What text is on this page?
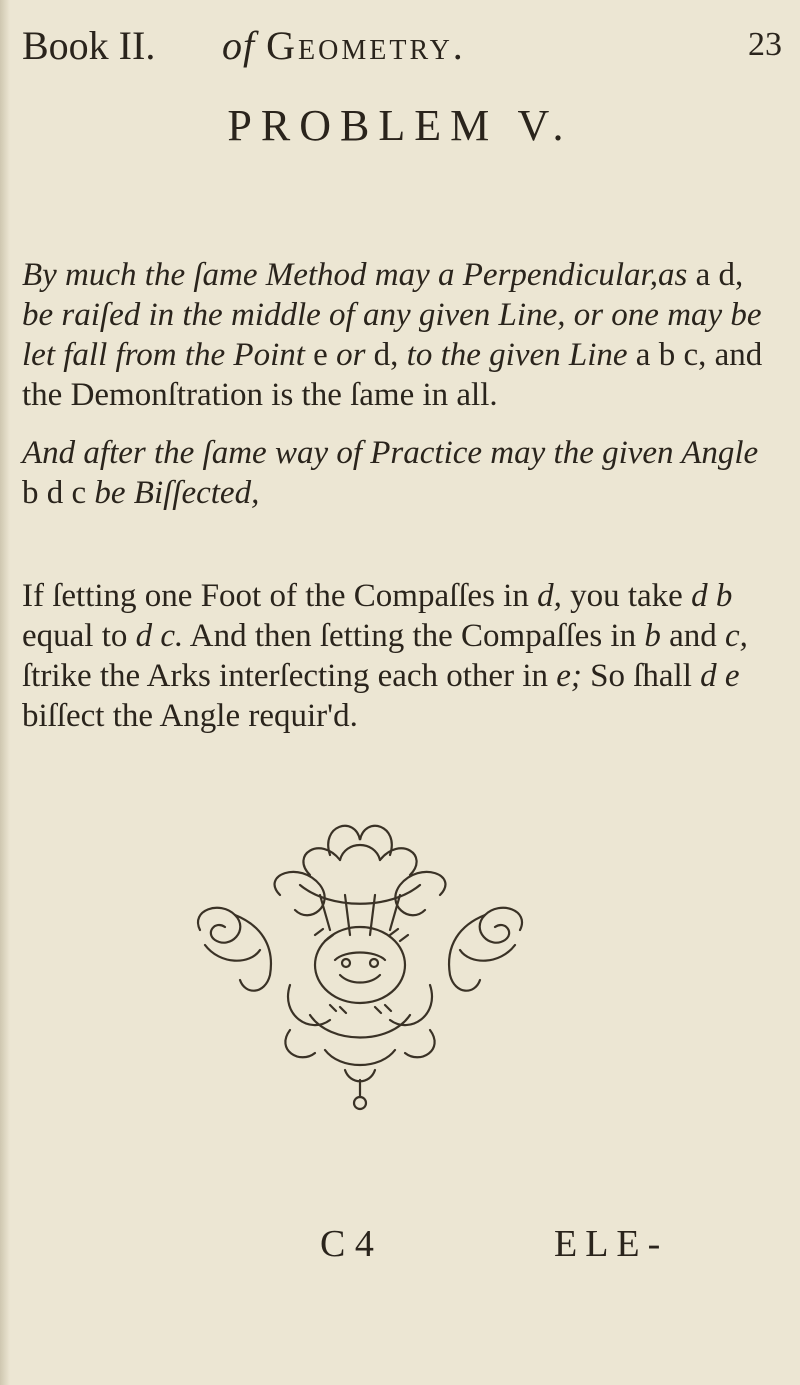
Book II. of Geometry.	23
PROBLEM V.

By much the ſame Method may a Perpendicular,as a d, be raiſed in the middle of any given Line, or one may be let fall from the Point e or d, to the given Line a b c, and the Demonſtration is the ſame in all.

And after the ſame way of Practice may the given Angle b d c be Biſſected,

If ſetting one Foot of the Compaſſes in d, you take d b equal to d c. And then ſetting the Compaſſes in b and c, ſtrike the Arks interſecting each other in e; So ſhall d e biſſect the Angle requir'd.

C 4	ELE-
